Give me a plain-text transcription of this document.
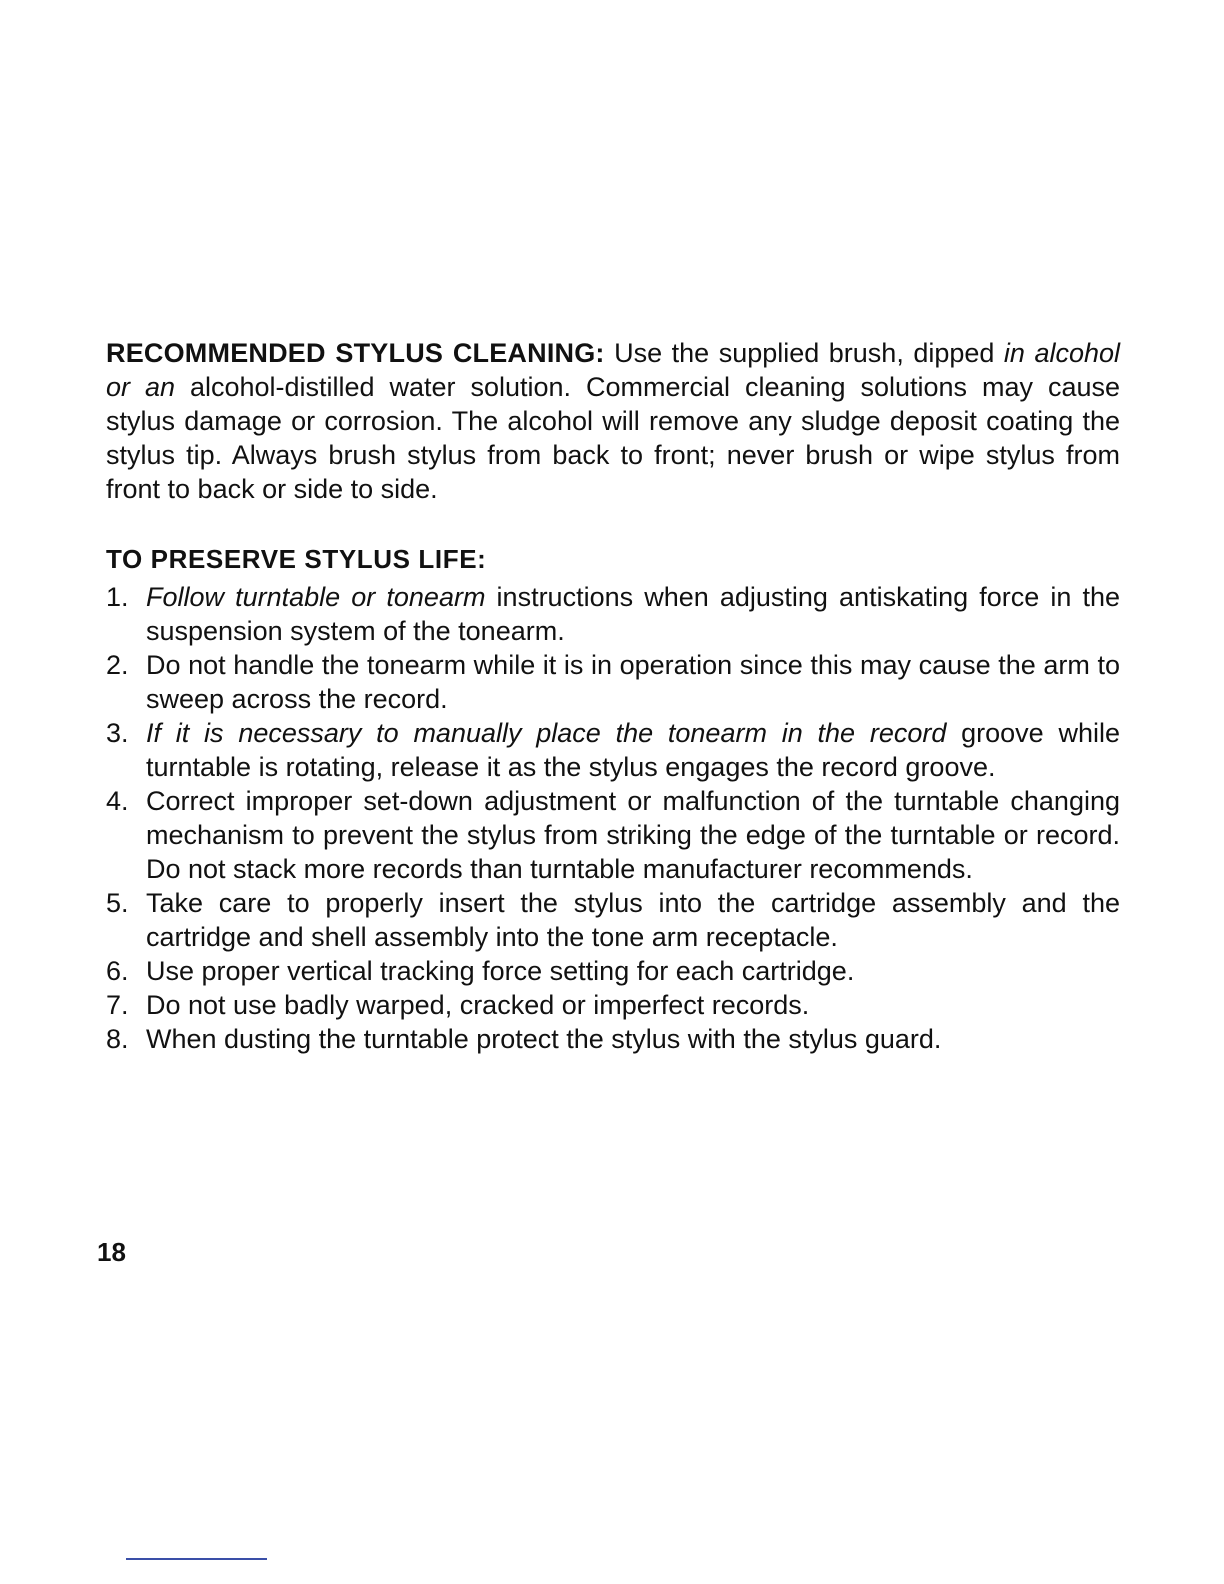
RECOMMENDED STYLUS CLEANING: Use the supplied brush, dipped in alcohol or an alcohol-distilled water solution. Commercial cleaning solutions may cause stylus damage or corrosion. The alcohol will remove any sludge deposit coating the stylus tip. Always brush stylus from back to front; never brush or wipe stylus from front to back or side to side.

TO PRESERVE STYLUS LIFE:
1. Follow turntable or tonearm instructions when adjusting antiskating force in the suspension system of the tonearm.
2. Do not handle the tonearm while it is in operation since this may cause the arm to sweep across the record.
3. If it is necessary to manually place the tonearm in the record groove while turntable is rotating, release it as the stylus engages the record groove.
4. Correct improper set-down adjustment or malfunction of the turntable changing mechanism to prevent the stylus from striking the edge of the turntable or record. Do not stack more records than turntable manufacturer recommends.
5. Take care to properly insert the stylus into the cartridge assembly and the cartridge and shell assembly into the tone arm receptacle.
6. Use proper vertical tracking force setting for each cartridge.
7. Do not use badly warped, cracked or imperfect records.
8. When dusting the turntable protect the stylus with the stylus guard.
18
